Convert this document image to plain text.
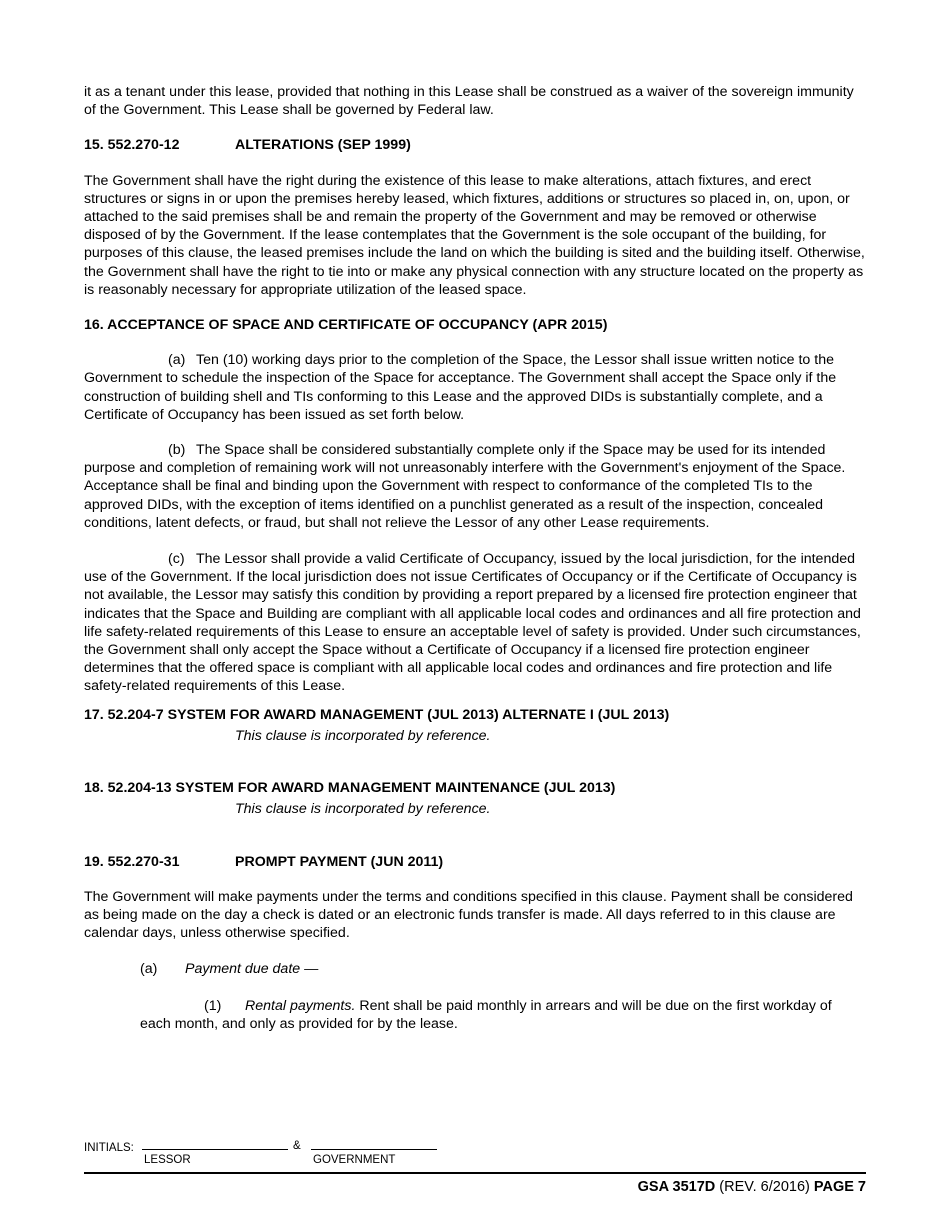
it as a tenant under this lease, provided that nothing in this Lease shall be construed as a waiver of the sovereign immunity of the Government. This Lease shall be governed by Federal law.

15. 552.270-12	ALTERATIONS (SEP 1999)

The Government shall have the right during the existence of this lease to make alterations, attach fixtures, and erect structures or signs in or upon the premises hereby leased, which fixtures, additions or structures so placed in, on, upon, or attached to the said premises shall be and remain the property of the Government and may be removed or otherwise disposed of by the Government. If the lease contemplates that the Government is the sole occupant of the building, for purposes of this clause, the leased premises include the land on which the building is sited and the building itself. Otherwise, the Government shall have the right to tie into or make any physical connection with any structure located on the property as is reasonably necessary for appropriate utilization of the leased space.

16. ACCEPTANCE OF SPACE AND CERTIFICATE OF OCCUPANCY (APR 2015)

(a) Ten (10) working days prior to the completion of the Space, the Lessor shall issue written notice to the Government to schedule the inspection of the Space for acceptance. The Government shall accept the Space only if the construction of building shell and TIs conforming to this Lease and the approved DIDs is substantially complete, and a Certificate of Occupancy has been issued as set forth below.

(b) The Space shall be considered substantially complete only if the Space may be used for its intended purpose and completion of remaining work will not unreasonably interfere with the Government's enjoyment of the Space. Acceptance shall be final and binding upon the Government with respect to conformance of the completed TIs to the approved DIDs, with the exception of items identified on a punchlist generated as a result of the inspection, concealed conditions, latent defects, or fraud, but shall not relieve the Lessor of any other Lease requirements.

(c) The Lessor shall provide a valid Certificate of Occupancy, issued by the local jurisdiction, for the intended use of the Government. If the local jurisdiction does not issue Certificates of Occupancy or if the Certificate of Occupancy is not available, the Lessor may satisfy this condition by providing a report prepared by a licensed fire protection engineer that indicates that the Space and Building are compliant with all applicable local codes and ordinances and all fire protection and life safety-related requirements of this Lease to ensure an acceptable level of safety is provided. Under such circumstances, the Government shall only accept the Space without a Certificate of Occupancy if a licensed fire protection engineer determines that the offered space is compliant with all applicable local codes and ordinances and fire protection and life safety-related requirements of this Lease.

17. 52.204-7 SYSTEM FOR AWARD MANAGEMENT (JUL 2013) ALTERNATE I (JUL 2013)

This clause is incorporated by reference.

18. 52.204-13 SYSTEM FOR AWARD MANAGEMENT MAINTENANCE (JUL 2013)

This clause is incorporated by reference.

19. 552.270-31	PROMPT PAYMENT (JUN 2011)

The Government will make payments under the terms and conditions specified in this clause. Payment shall be considered as being made on the day a check is dated or an electronic funds transfer is made. All days referred to in this clause are calendar days, unless otherwise specified.

(a) Payment due date —

(1) Rental payments. Rent shall be paid monthly in arrears and will be due on the first workday of each month, and only as provided for by the lease.

INITIALS:
LESSOR
&
GOVERNMENT
GSA 3517D (REV. 6/2016) PAGE 7
